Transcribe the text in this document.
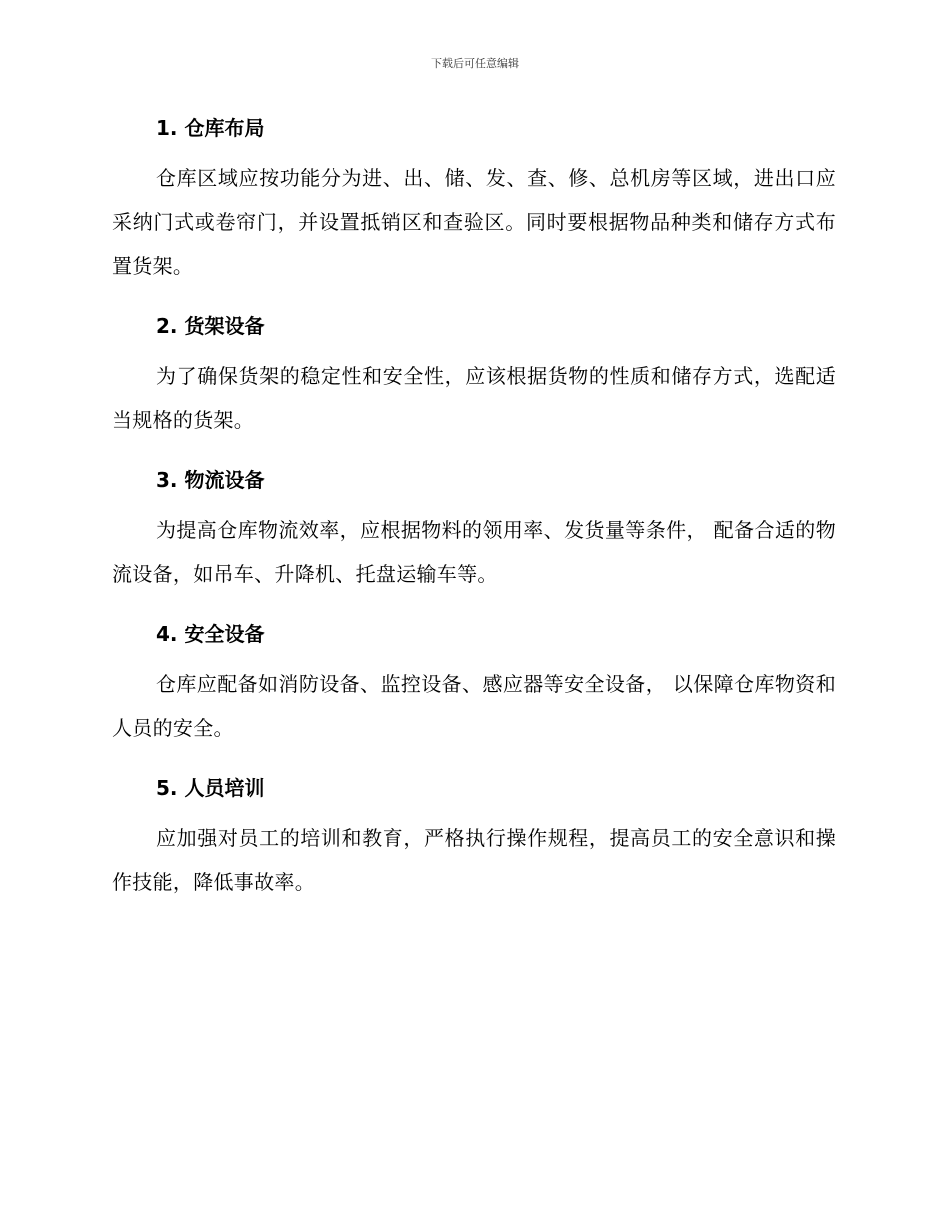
下载后可任意编辑
1. 仓库布局
仓库区域应按功能分为进、出、储、发、查、修、总机房等区域，进出口应采纳门式或卷帘门，并设置抵销区和查验区。同时要根据物品种类和储存方式布置货架。
2. 货架设备
为了确保货架的稳定性和安全性，应该根据货物的性质和储存方式，选配适当规格的货架。
3. 物流设备
为提高仓库物流效率，应根据物料的领用率、发货量等条件， 配备合适的物流设备，如吊车、升降机、托盘运输车等。
4. 安全设备
仓库应配备如消防设备、监控设备、感应器等安全设备， 以保障仓库物资和人员的安全。
5. 人员培训
应加强对员工的培训和教育，严格执行操作规程，提高员工的安全意识和操作技能，降低事故率。
